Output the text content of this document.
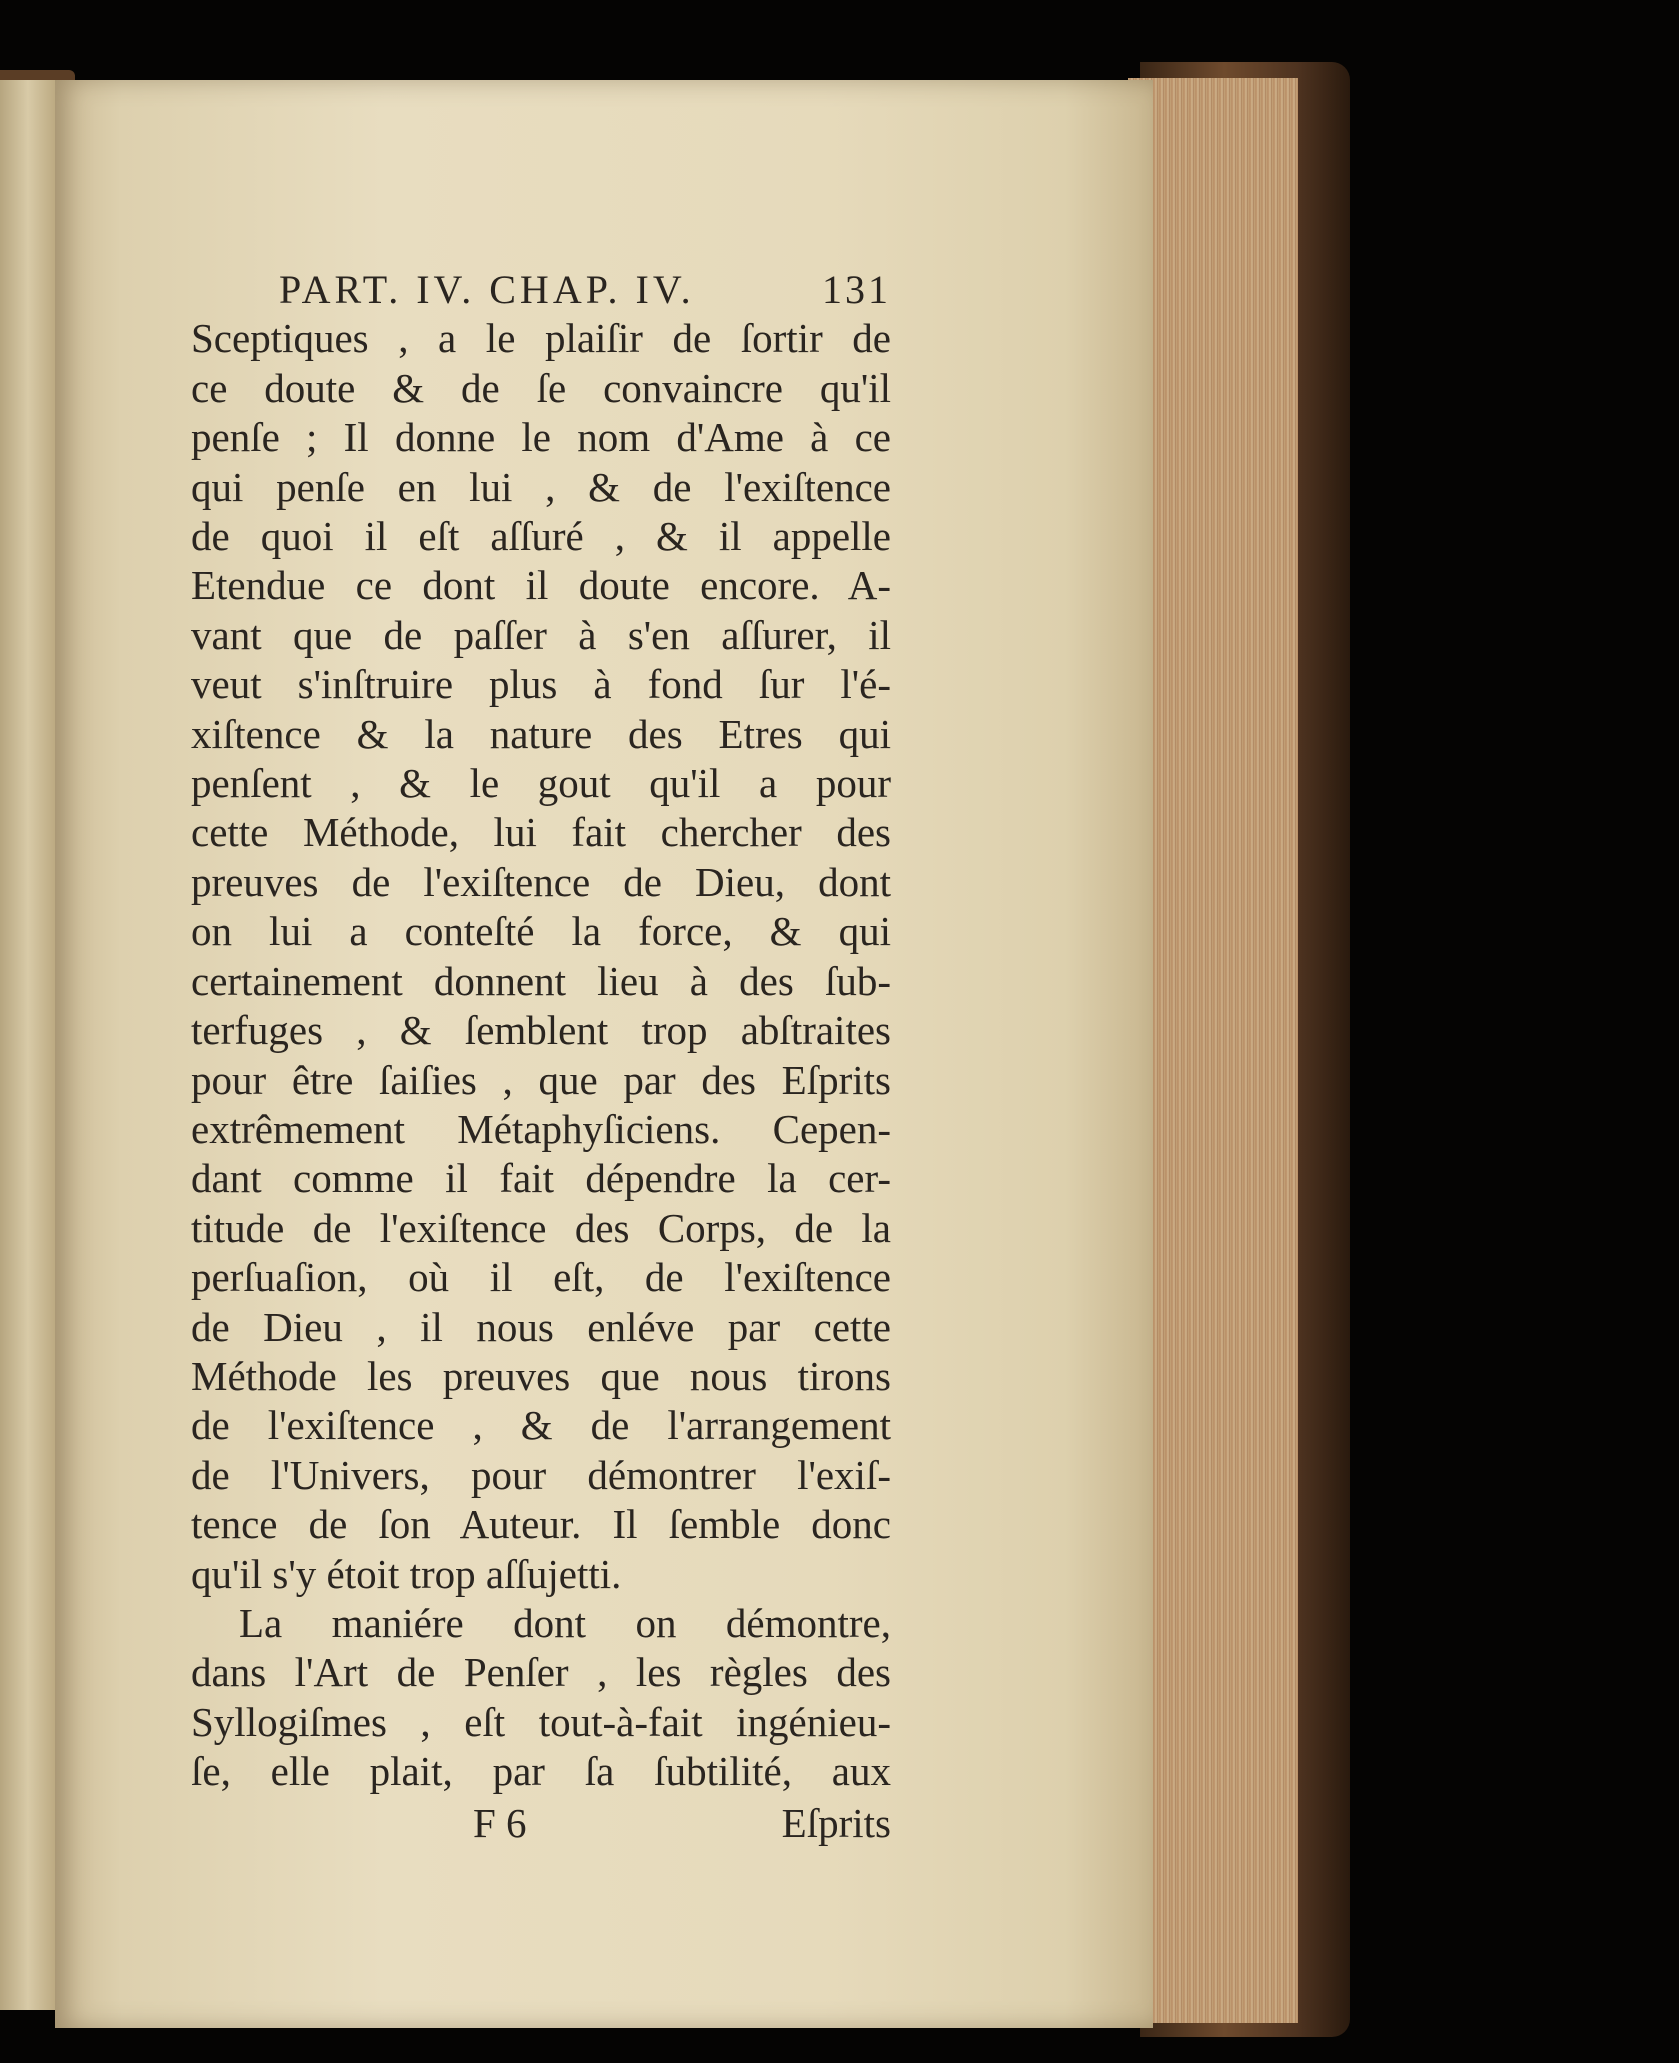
PART. IV. CHAP. IV.	131
Sceptiques , a le plaiſir de ſortir de
ce doute & de ſe convaincre qu'il
penſe ; Il donne le nom d'Ame à ce
qui penſe en lui , & de l'exiſtence
de quoi il eſt aſſuré , & il appelle
Etendue ce dont il doute encore. A-
vant que de paſſer à s'en aſſurer, il
veut s'inſtruire plus à fond ſur l'é-
xiſtence & la nature des Etres qui
penſent , & le gout qu'il a pour
cette Méthode, lui fait chercher des
preuves de l'exiſtence de Dieu, dont
on lui a conteſté la force, & qui
certainement donnent lieu à des ſub-
terfuges , & ſemblent trop abſtraites
pour être ſaiſies , que par des Eſprits
extrêmement Métaphyſiciens. Cepen-
dant comme il fait dépendre la cer-
titude de l'exiſtence des Corps, de la
perſuaſion, où il eſt, de l'exiſtence
de Dieu , il nous enléve par cette
Méthode les preuves que nous tirons
de l'exiſtence , & de l'arrangement
de l'Univers, pour démontrer l'exiſ-
tence de ſon Auteur. Il ſemble donc
qu'il s'y étoit trop aſſujetti.
La maniére dont on démontre,
dans l'Art de Penſer , les règles des
Syllogiſmes , eſt tout-à-fait ingénieu-
ſe, elle plait, par ſa ſubtilité, aux
F 6	Eſprits
